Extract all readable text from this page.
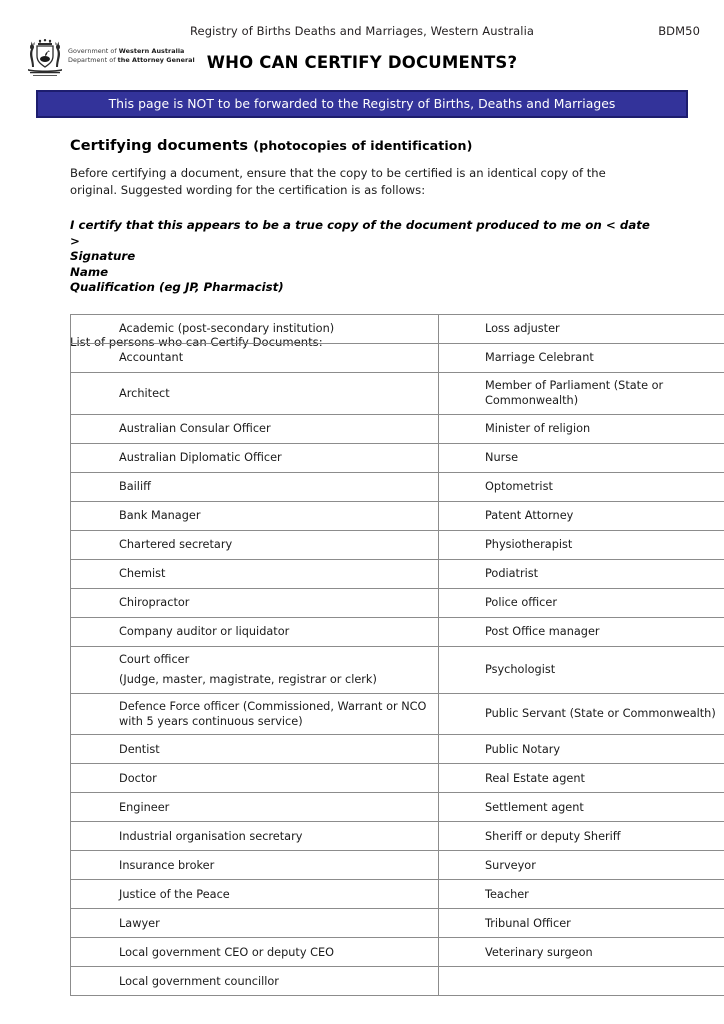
Registry of Births Deaths and Marriages, Western Australia	BDM50
Government of Western Australia
Department of the Attorney General WHO CAN CERTIFY DOCUMENTS?
This page is NOT to be forwarded to the Registry of Births, Deaths and Marriages
Certifying documents (photocopies of identification)

Before certifying a document, ensure that the copy to be certified is an identical copy of the original. Suggested wording for the certification is as follows:

I certify that this appears to be a true copy of the document produced to me on < date >
Signature
Name
Qualification (eg JP, Pharmacist)
List of persons who can Certify Documents:
Academic (post-secondary institution)	Loss adjuster
Accountant	Marriage Celebrant
Architect	Member of Parliament (State or Commonwealth)
Australian Consular Officer	Minister of religion
Australian Diplomatic Officer	Nurse
Bailiff	Optometrist
Bank Manager	Patent Attorney
Chartered secretary	Physiotherapist
Chemist	Podiatrist
Chiropractor	Police officer
Company auditor or liquidator	Post Office manager

Court officer
(Judge, master, magistrate, registrar or clerk)	Psychologist
Defence Force officer (Commissioned, Warrant or NCO with 5 years continuous service)	Public Servant (State or Commonwealth)
Dentist	Public Notary
Doctor	Real Estate agent
Engineer	Settlement agent
Industrial organisation secretary	Sheriff or deputy Sheriff
Insurance broker	Surveyor
Justice of the Peace	Teacher
Lawyer	Tribunal Officer
Local government CEO or deputy CEO	Veterinary surgeon
Local government councillor	
